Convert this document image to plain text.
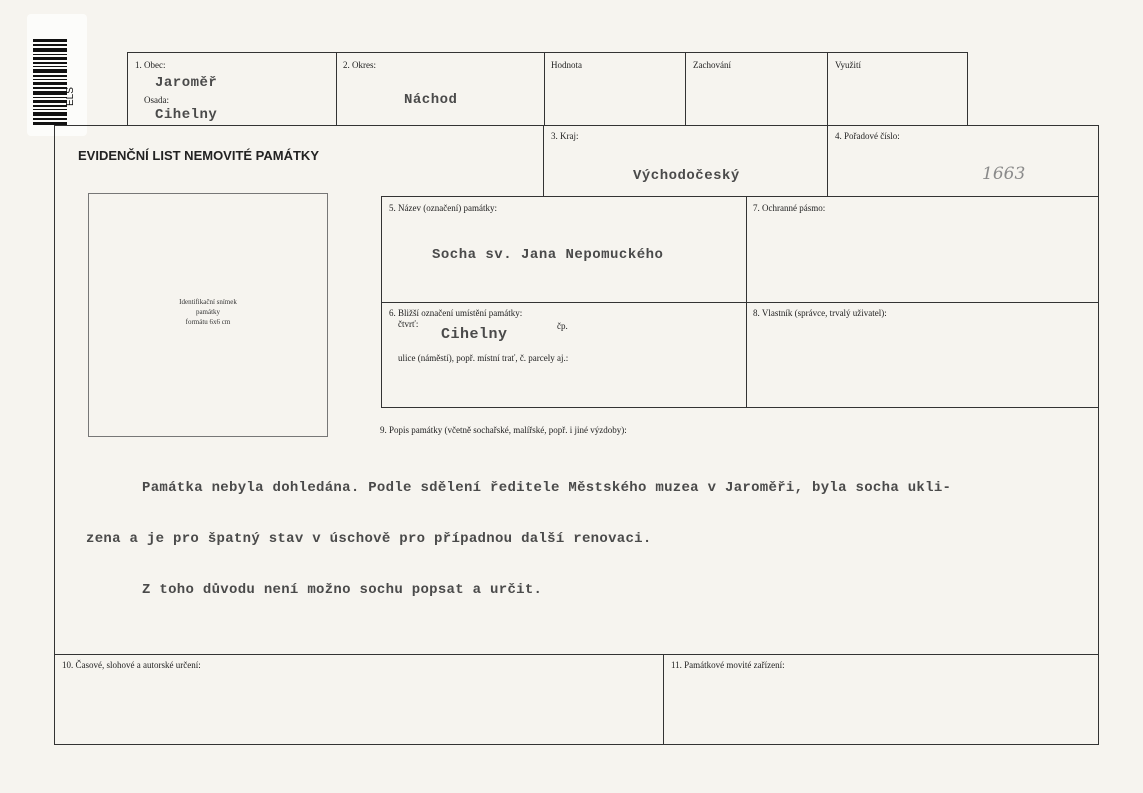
ELS
1. Obec:
Jaroměř
Osada:
Cihelny
2. Okres:
Náchod
Hodnota	Zachování	Využití
EVIDENČNÍ LIST NEMOVITÉ PAMÁTKY
3. Kraj:
Východočeský
4. Pořadové číslo:
1663
Identifikační snímek
památky
formátu 6x6 cm
5. Název (označení) památky:
Socha sv. Jana Nepomuckého
7. Ochranné pásmo:
6. Bližší označení umístění památky:
čtvrť:	čp.
Cihelny
ulice (náměstí), popř. místní trať, č. parcely aj.:
8. Vlastník (správce, trvalý uživatel):
9. Popis památky (včetně sochařské, malířské, popř. i jiné výzdoby):

Památka nebyla dohledána. Podle sdělení ředitele Městského muzea v Jaroměři, byla socha ukli-

zena a je pro špatný stav v úschově pro případnou další renovaci.

Z toho důvodu není možno sochu popsat a určit.

10. Časové, slohové a autorské určení:	11. Památkové movité zařízení:
